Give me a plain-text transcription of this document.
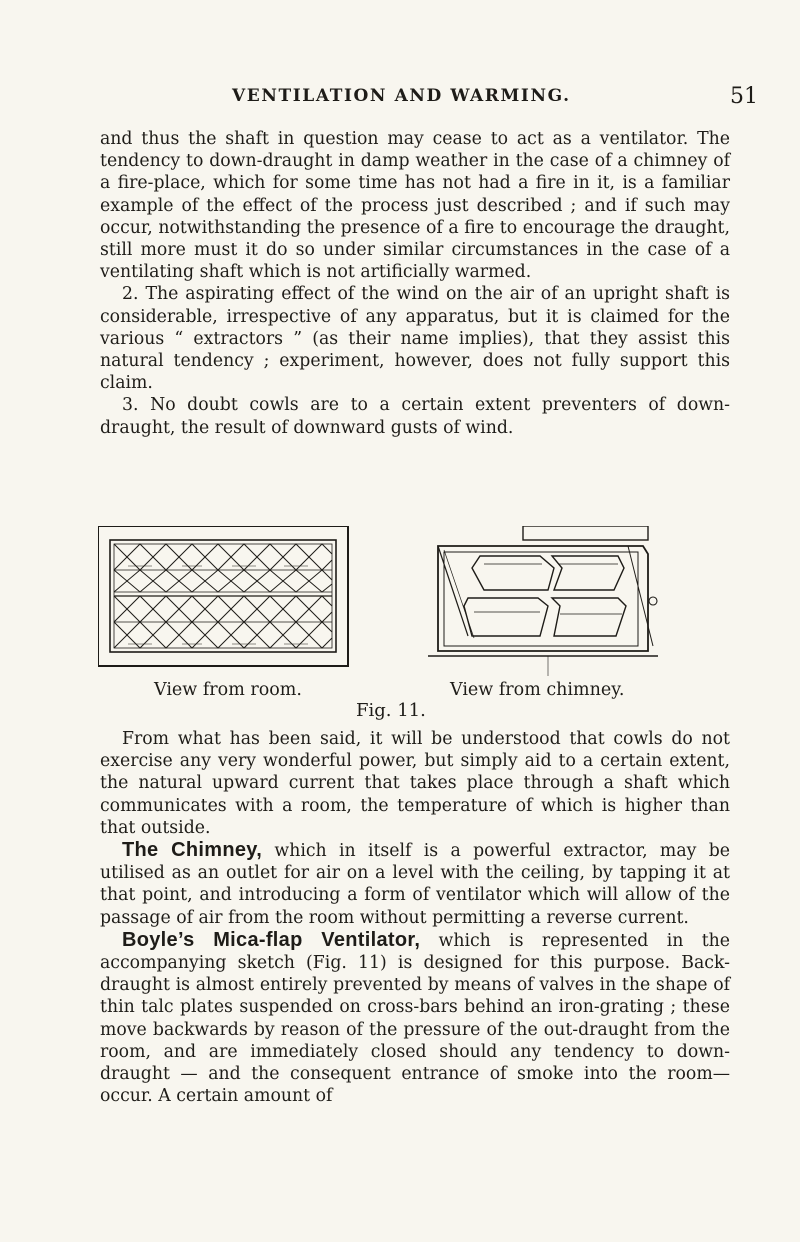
VENTILATION AND WARMING.	51

and thus the shaft in question may cease to act as a ventilator. The tendency to down-draught in damp weather in the case of a chimney of a fire-place, which for some time has not had a fire in it, is a familiar example of the effect of the process just described ; and if such may occur, notwithstanding the presence of a fire to encourage the draught, still more must it do so under similar circumstances in the case of a ventilating shaft which is not artificially warmed.

2. The aspirating effect of the wind on the air of an upright shaft is considerable, irrespective of any apparatus, but it is claimed for the various “ extractors ” (as their name implies), that they assist this natural tendency ; experiment, however, does not fully support this claim.

3. No doubt cowls are to a certain extent preventers of down-draught, the result of downward gusts of wind.

View from room.	View from chimney.
Fig. 11.

From what has been said, it will be understood that cowls do not exercise any very wonderful power, but simply aid to a certain extent, the natural upward current that takes place through a shaft which communicates with a room, the temperature of which is higher than that outside.

The Chimney, which in itself is a powerful extractor, may be utilised as an outlet for air on a level with the ceiling, by tapping it at that point, and introducing a form of ventilator which will allow of the passage of air from the room without permitting a reverse current.

Boyle’s Mica-flap Ventilator, which is represented in the accompanying sketch (Fig. 11) is designed for this purpose. Back-draught is almost entirely prevented by means of valves in the shape of thin talc plates suspended on cross-bars behind an iron-grating ; these move backwards by reason of the pressure of the out-draught from the room, and are immediately closed should any tendency to down-draught — and the consequent entrance of smoke into the room—occur. A certain amount of
